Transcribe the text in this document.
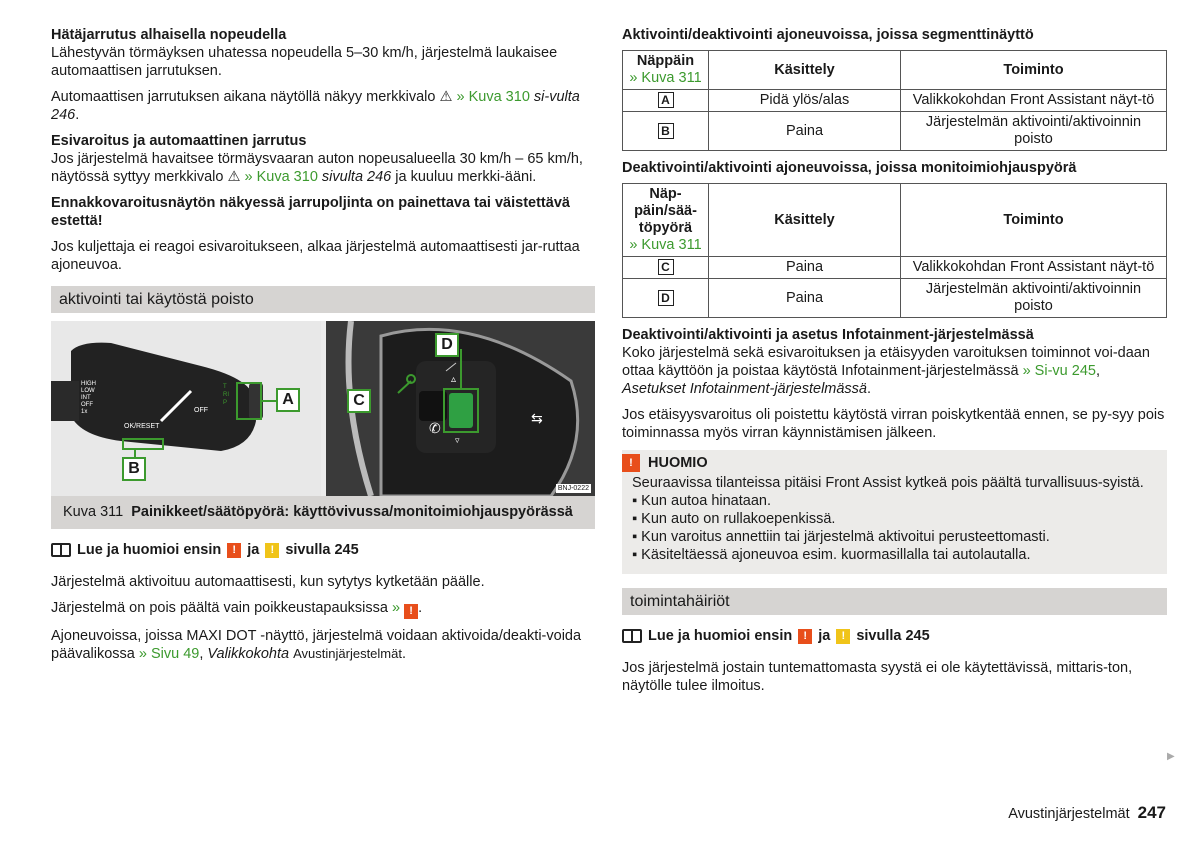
Hätäjarrutus alhaisella nopeudella

Lähestyvän törmäyksen uhatessa nopeudella 5–30 km/h, järjestelmä laukaisee automaattisen jarrutuksen.

Automaattisen jarrutuksen aikana näytöllä näkyy merkkivalo ⚠ » Kuva 310 si-vulta 246.

Esivaroitus ja automaattinen jarrutus

Jos järjestelmä havaitsee törmäysvaaran auton nopeusalueella 30 km/h – 65 km/h, näytössä syttyy merkkivalo ⚠ » Kuva 310 sivulta 246 ja kuuluu merkki-ääni.

Ennakkovaroitusnäytön näkyessä jarrupoljinta on painettava tai väistettävä estettä!

Jos kuljettaja ei reagoi esivaroitukseen, alkaa järjestelmä automaattisesti jar-ruttaa ajoneuvoa.

aktivointi tai käytöstä poisto
▵
▿
⇆
✆
HIGH
LOW
INT
OFF
1x	OFF
TRIP
OK/RESET
A
B
C
D
BNJ-0222
Kuva 311 Painikkeet/säätöpyörä: käyttövivussa/monitoimiohjauspyörässä
Lue ja huomioi ensin	! ja	! sivulla 245

Järjestelmä aktivoituu automaattisesti, kun sytytys kytketään päälle.

Järjestelmä on pois päältä vain poikkeustapauksissa » ! .

Ajoneuvoissa, joissa MAXI DOT -näyttö, järjestelmä voidaan aktivoida/deakti-voida päävalikossa » Sivu 49, Valikkokohta Avustinjärjestelmät.

Aktivointi/deaktivointi ajoneuvoissa, joissa segmenttinäyttö

Näppäin
» Kuva 311	Käsittely	Toiminto
A	Pidä ylös/alas	Valikkokohdan Front Assistant näyt-tö
B	Paina	Järjestelmän aktivointi/aktivoinnin poisto

Deaktivointi/aktivointi ajoneuvoissa, joissa monitoimiohjauspyörä

Näp-päin/sää-töpyörä
» Kuva 311	Käsittely	Toiminto
C	Paina	Valikkokohdan Front Assistant näyt-tö
D	Paina	Järjestelmän aktivointi/aktivoinnin poisto

Deaktivointi/aktivointi ja asetus Infotainment-järjestelmässä

Koko järjestelmä sekä esivaroituksen ja etäisyyden varoituksen toiminnot voi-daan ottaa käyttöön ja poistaa käytöstä Infotainment-järjestelmässä » Si-vu 245, Asetukset Infotainment-järjestelmässä.

Jos etäisyysvaroitus oli poistettu käytöstä virran poiskytkentää ennen, se py-syy pois toiminnassa myös virran käynnistämisen jälkeen.

!	HUOMIO

Seuraavissa tilanteissa pitäisi Front Assist kytkeä pois päältä turvallisuus-syistä.

▪ Kun autoa hinataan.
▪ Kun auto on rullakoepenkissä.
▪ Kun varoitus annettiin tai järjestelmä aktivoitui perusteettomasti.
▪ Käsiteltäessä ajoneuvoa esim. kuormasillalla tai autolautalla.
toimintahäiriöt
Lue ja huomioi ensin	! ja	! sivulla 245

Jos järjestelmä jostain tuntemattomasta syystä ei ole käytettävissä, mittaris-ton, näytölle tulee ilmoitus.

▶
Avustinjärjestelmät 247
